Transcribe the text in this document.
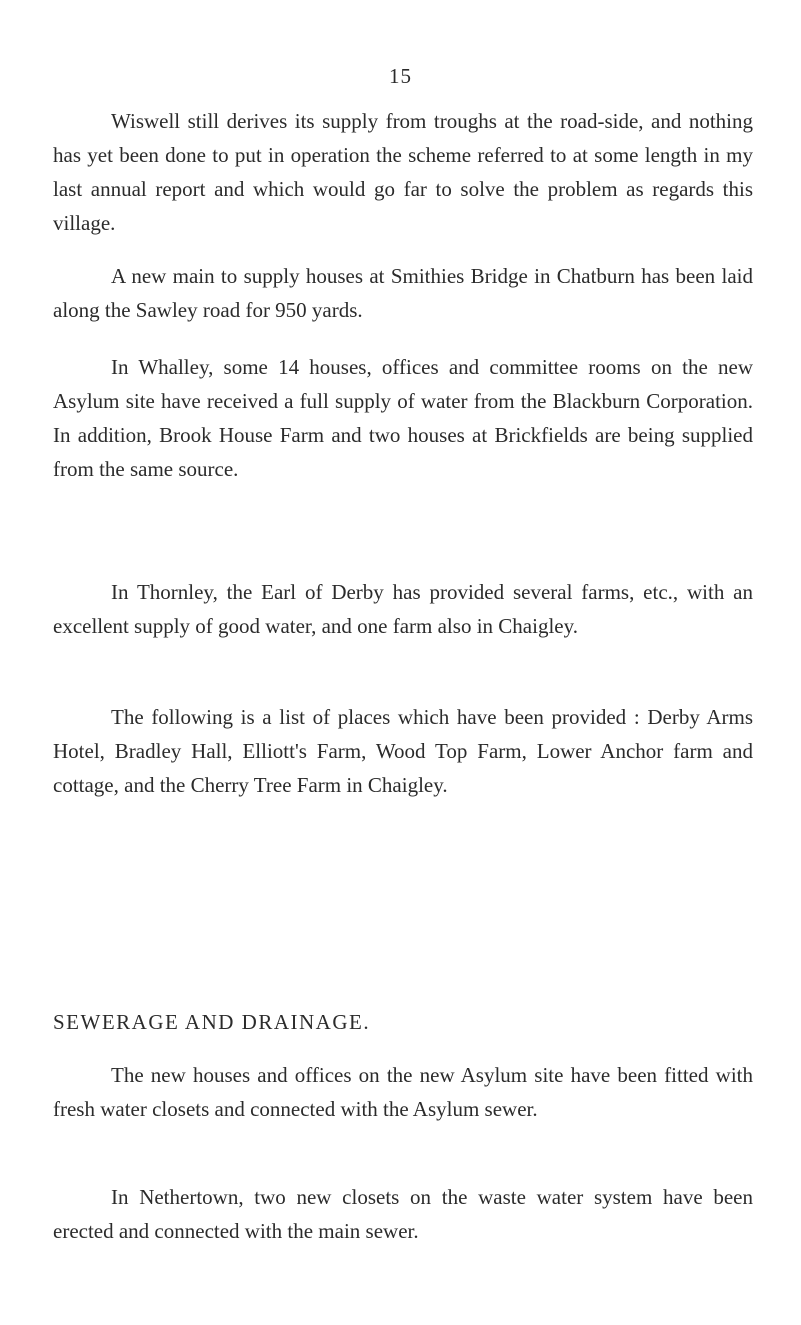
15

Wiswell still derives its supply from troughs at the road-side, and nothing has yet been done to put in operation the scheme referred to at some length in my last annual report and which would go far to solve the problem as regards this village.

A new main to supply houses at Smithies Bridge in Chatburn has been laid along the Sawley road for 950 yards.

In Whalley, some 14 houses, offices and committee rooms on the new Asylum site have received a full supply of water from the Blackburn Corporation. In addition, Brook House Farm and two houses at Brickfields are being supplied from the same source.

In Thornley, the Earl of Derby has provided several farms, etc., with an excellent supply of good water, and one farm also in Chaigley.

The following is a list of places which have been provided : Derby Arms Hotel, Bradley Hall, Elliott's Farm, Wood Top Farm, Lower Anchor farm and cottage, and the Cherry Tree Farm in Chaigley.

SEWERAGE AND DRAINAGE.

The new houses and offices on the new Asylum site have been fitted with fresh water closets and connected with the Asylum sewer.

In Nethertown, two new closets on the waste water system have been erected and connected with the main sewer.
